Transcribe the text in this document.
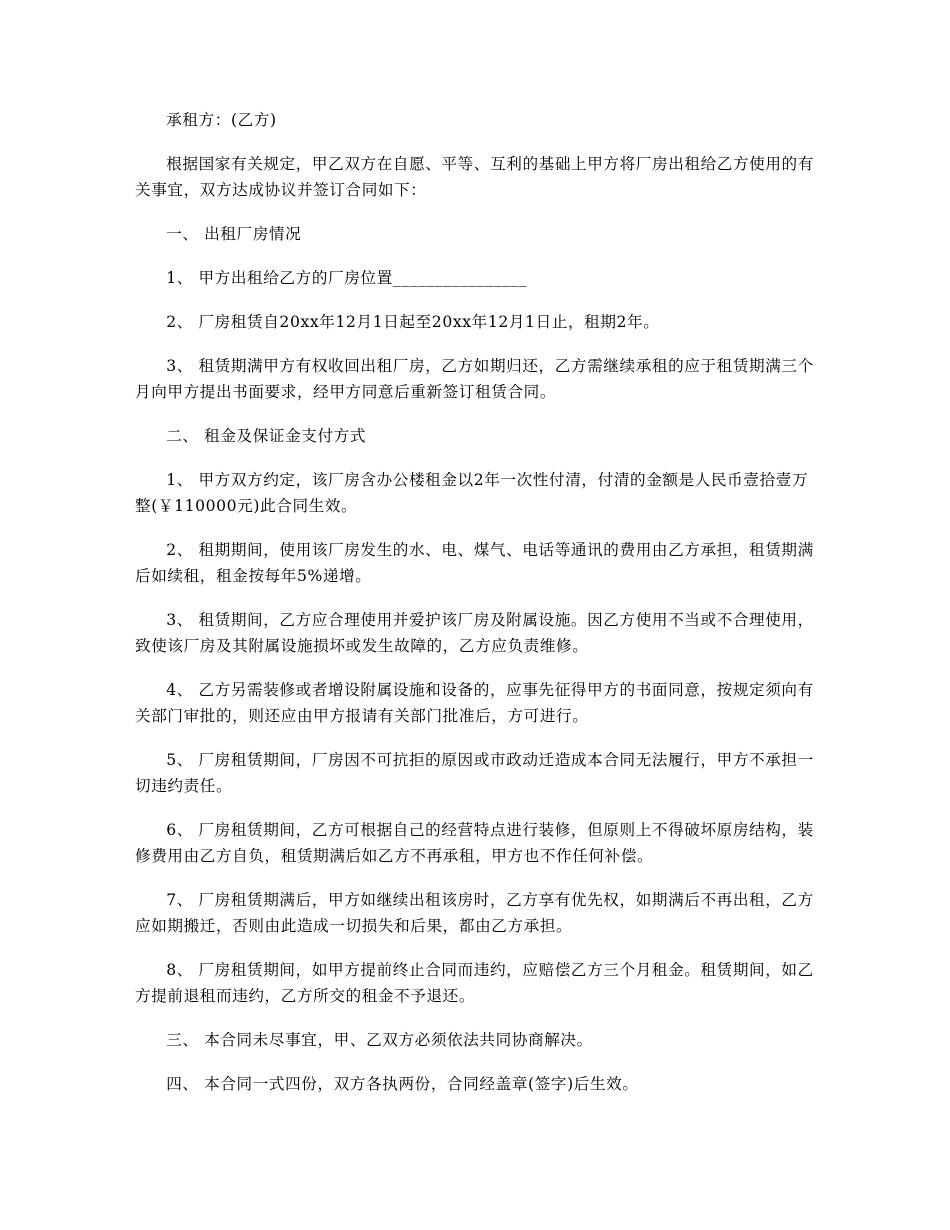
承租方：(乙方)

根据国家有关规定，甲乙双方在自愿、平等、互利的基础上甲方将厂房出租给乙方使用的有关事宜，双方达成协议并签订合同如下：

一、 出租厂房情况

1、 甲方出租给乙方的厂房位置________________

2、 厂房租赁自20xx年12月1日起至20xx年12月1日止，租期2年。

3、 租赁期满甲方有权收回出租厂房，乙方如期归还，乙方需继续承租的应于租赁期满三个月向甲方提出书面要求，经甲方同意后重新签订租赁合同。

二、 租金及保证金支付方式

1、 甲方双方约定，该厂房含办公楼租金以2年一次性付清，付清的金额是人民币壹拾壹万整(￥110000元)此合同生效。

2、 租期期间，使用该厂房发生的水、电、煤气、电话等通讯的费用由乙方承担，租赁期满后如续租，租金按每年5%递增。

3、 租赁期间，乙方应合理使用并爱护该厂房及附属设施。因乙方使用不当或不合理使用，致使该厂房及其附属设施损坏或发生故障的，乙方应负责维修。

4、 乙方另需装修或者增设附属设施和设备的，应事先征得甲方的书面同意，按规定须向有关部门审批的，则还应由甲方报请有关部门批准后，方可进行。

5、 厂房租赁期间，厂房因不可抗拒的原因或市政动迁造成本合同无法履行，甲方不承担一切违约责任。

6、 厂房租赁期间，乙方可根据自己的经营特点进行装修，但原则上不得破坏原房结构，装修费用由乙方自负，租赁期满后如乙方不再承租，甲方也不作任何补偿。

7、 厂房租赁期满后，甲方如继续出租该房时，乙方享有优先权，如期满后不再出租，乙方应如期搬迁，否则由此造成一切损失和后果，都由乙方承担。

8、 厂房租赁期间，如甲方提前终止合同而违约，应赔偿乙方三个月租金。租赁期间，如乙方提前退租而违约，乙方所交的租金不予退还。

三、 本合同未尽事宜，甲、乙双方必须依法共同协商解决。

四、 本合同一式四份，双方各执两份，合同经盖章(签字)后生效。
